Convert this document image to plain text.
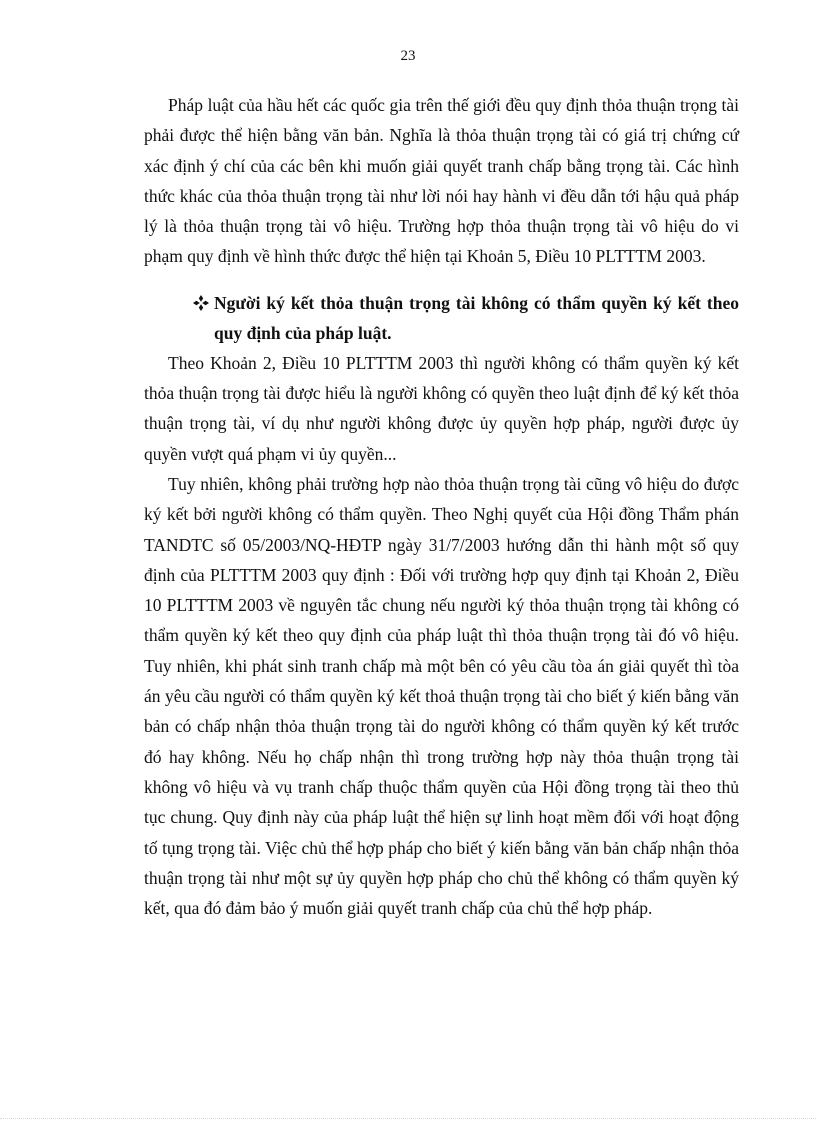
23

Pháp luật của hầu hết các quốc gia trên thế giới đều quy định thỏa thuận trọng tài phải được thể hiện bằng văn bản. Nghĩa là thỏa thuận trọng tài có giá trị chứng cứ xác định ý chí của các bên khi muốn giải quyết tranh chấp bằng trọng tài. Các hình thức khác của thỏa thuận trọng tài như lời nói hay hành vi đều dẫn tới hậu quả pháp lý là thỏa thuận trọng tài vô hiệu. Trường hợp thỏa thuận trọng tài vô hiệu do vi phạm quy định về hình thức được thể hiện tại Khoản 5, Điều 10 PLTTTM 2003.

Người ký kết thỏa thuận trọng tài không có thẩm quyền ký kết theo quy định của pháp luật.

Theo Khoản 2, Điều 10 PLTTTM 2003 thì người không có thẩm quyền ký kết thỏa thuận trọng tài được hiểu là người không có quyền theo luật định để ký kết thỏa thuận trọng tài, ví dụ như người không được ủy quyền hợp pháp, người được ủy quyền vượt quá phạm vi ủy quyền...

Tuy nhiên, không phải trường hợp nào thỏa thuận trọng tài cũng vô hiệu do được ký kết bởi người không có thẩm quyền. Theo Nghị quyết của Hội đồng Thẩm phán TANDTC số 05/2003/NQ-HĐTP ngày 31/7/2003 hướng dẫn thi hành một số quy định của PLTTTM 2003 quy định : Đối với trường hợp quy định tại Khoản 2, Điều 10 PLTTTM 2003 về nguyên tắc chung nếu người ký thỏa thuận trọng tài không có thẩm quyền ký kết theo quy định của pháp luật thì thỏa thuận trọng tài đó vô hiệu. Tuy nhiên, khi phát sinh tranh chấp mà một bên có yêu cầu tòa án giải quyết thì tòa án yêu cầu người có thẩm quyền ký kết thoả thuận trọng tài cho biết ý kiến bằng văn bản có chấp nhận thỏa thuận trọng tài do người không có thẩm quyền ký kết trước đó hay không. Nếu họ chấp nhận thì trong trường hợp này thỏa thuận trọng tài không vô hiệu và vụ tranh chấp thuộc thẩm quyền của Hội đồng trọng tài theo thủ tục chung. Quy định này của pháp luật thể hiện sự linh hoạt mềm đối với hoạt động tố tụng trọng tài. Việc chủ thể hợp pháp cho biết ý kiến bằng văn bản chấp nhận thỏa thuận trọng tài như một sự ủy quyền hợp pháp cho chủ thể không có thẩm quyền ký kết, qua đó đảm bảo ý muốn giải quyết tranh chấp của chủ thể hợp pháp.
